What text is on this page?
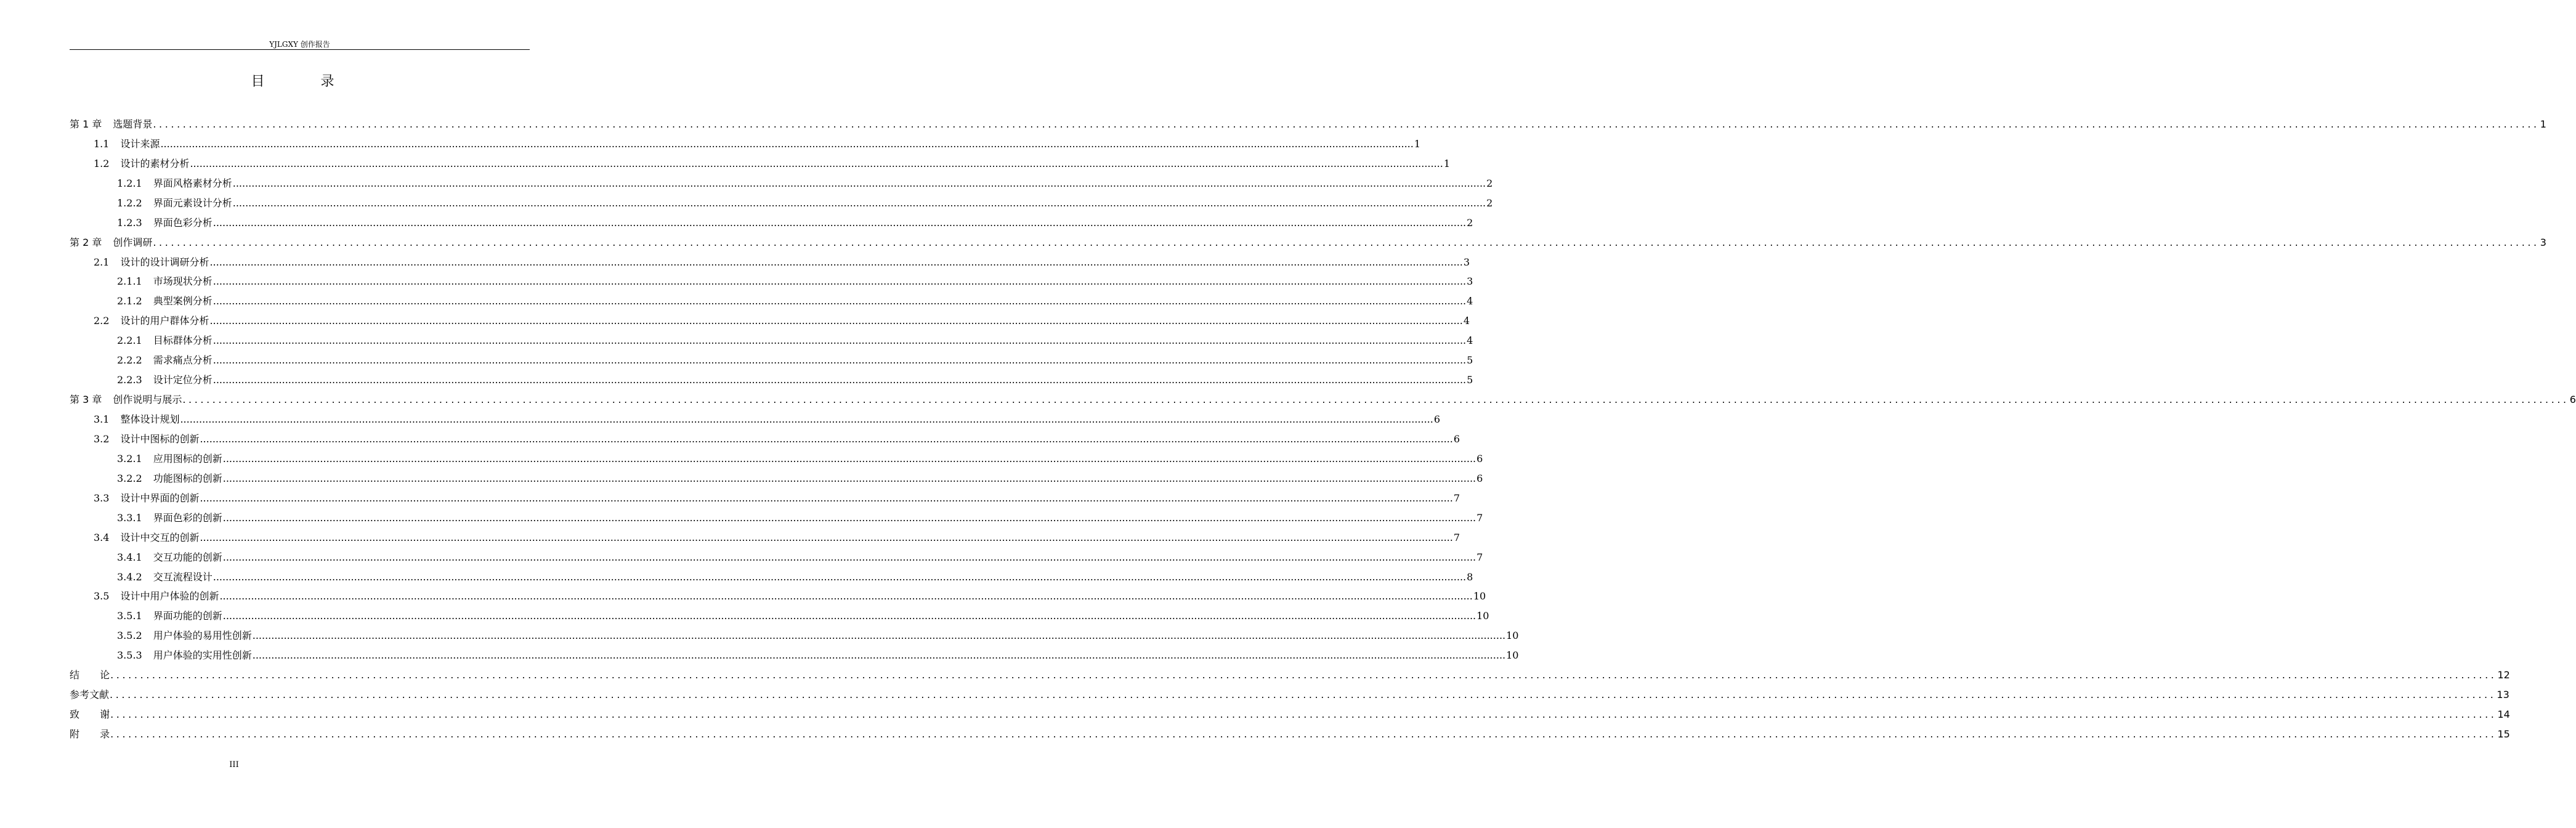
YJLGXY 创作报告
目 录
第 1 章 选题背景 ................................................................................................................................................................................................................................................................................................................................................................................................................ 1
1.1 设计来源 ................................................................................................................................................................................................................................................................................................................................................................................................................ 1
1.2 设计的素材分析 ................................................................................................................................................................................................................................................................................................................................................................................................................ 1
1.2.1 界面风格素材分析 ................................................................................................................................................................................................................................................................................................................................................................................................................ 2
1.2.2 界面元素设计分析 ................................................................................................................................................................................................................................................................................................................................................................................................................ 2
1.2.3 界面色彩分析 ................................................................................................................................................................................................................................................................................................................................................................................................................ 2
第 2 章 创作调研 ................................................................................................................................................................................................................................................................................................................................................................................................................ 3
2.1 设计的设计调研分析 ................................................................................................................................................................................................................................................................................................................................................................................................................ 3
2.1.1 市场现状分析 ................................................................................................................................................................................................................................................................................................................................................................................................................ 3
2.1.2 典型案例分析 ................................................................................................................................................................................................................................................................................................................................................................................................................ 4
2.2 设计的用户群体分析 ................................................................................................................................................................................................................................................................................................................................................................................................................ 4
2.2.1 目标群体分析 ................................................................................................................................................................................................................................................................................................................................................................................................................ 4
2.2.2 需求痛点分析 ................................................................................................................................................................................................................................................................................................................................................................................................................ 5
2.2.3 设计定位分析 ................................................................................................................................................................................................................................................................................................................................................................................................................ 5
第 3 章 创作说明与展示 ................................................................................................................................................................................................................................................................................................................................................................................................................ 6
3.1 整体设计规划 ................................................................................................................................................................................................................................................................................................................................................................................................................ 6
3.2 设计中图标的创新 ................................................................................................................................................................................................................................................................................................................................................................................................................ 6
3.2.1 应用图标的创新 ................................................................................................................................................................................................................................................................................................................................................................................................................ 6
3.2.2 功能图标的创新 ................................................................................................................................................................................................................................................................................................................................................................................................................ 6
3.3 设计中界面的创新 ................................................................................................................................................................................................................................................................................................................................................................................................................ 7
3.3.1 界面色彩的创新 ................................................................................................................................................................................................................................................................................................................................................................................................................ 7
3.4 设计中交互的创新 ................................................................................................................................................................................................................................................................................................................................................................................................................ 7
3.4.1 交互功能的创新 ................................................................................................................................................................................................................................................................................................................................................................................................................ 7
3.4.2 交互流程设计 ................................................................................................................................................................................................................................................................................................................................................................................................................ 8
3.5 设计中用户体验的创新 ................................................................................................................................................................................................................................................................................................................................................................................................................ 10
3.5.1 界面功能的创新 ................................................................................................................................................................................................................................................................................................................................................................................................................ 10
3.5.2 用户体验的易用性创新 ................................................................................................................................................................................................................................................................................................................................................................................................................ 10
3.5.3 用户体验的实用性创新 ................................................................................................................................................................................................................................................................................................................................................................................................................ 10
结 论 ................................................................................................................................................................................................................................................................................................................................................................................................................ 12
参考文献 ................................................................................................................................................................................................................................................................................................................................................................................................................ 13
致 谢 ................................................................................................................................................................................................................................................................................................................................................................................................................ 14
附 录 ................................................................................................................................................................................................................................................................................................................................................................................................................ 15
III
